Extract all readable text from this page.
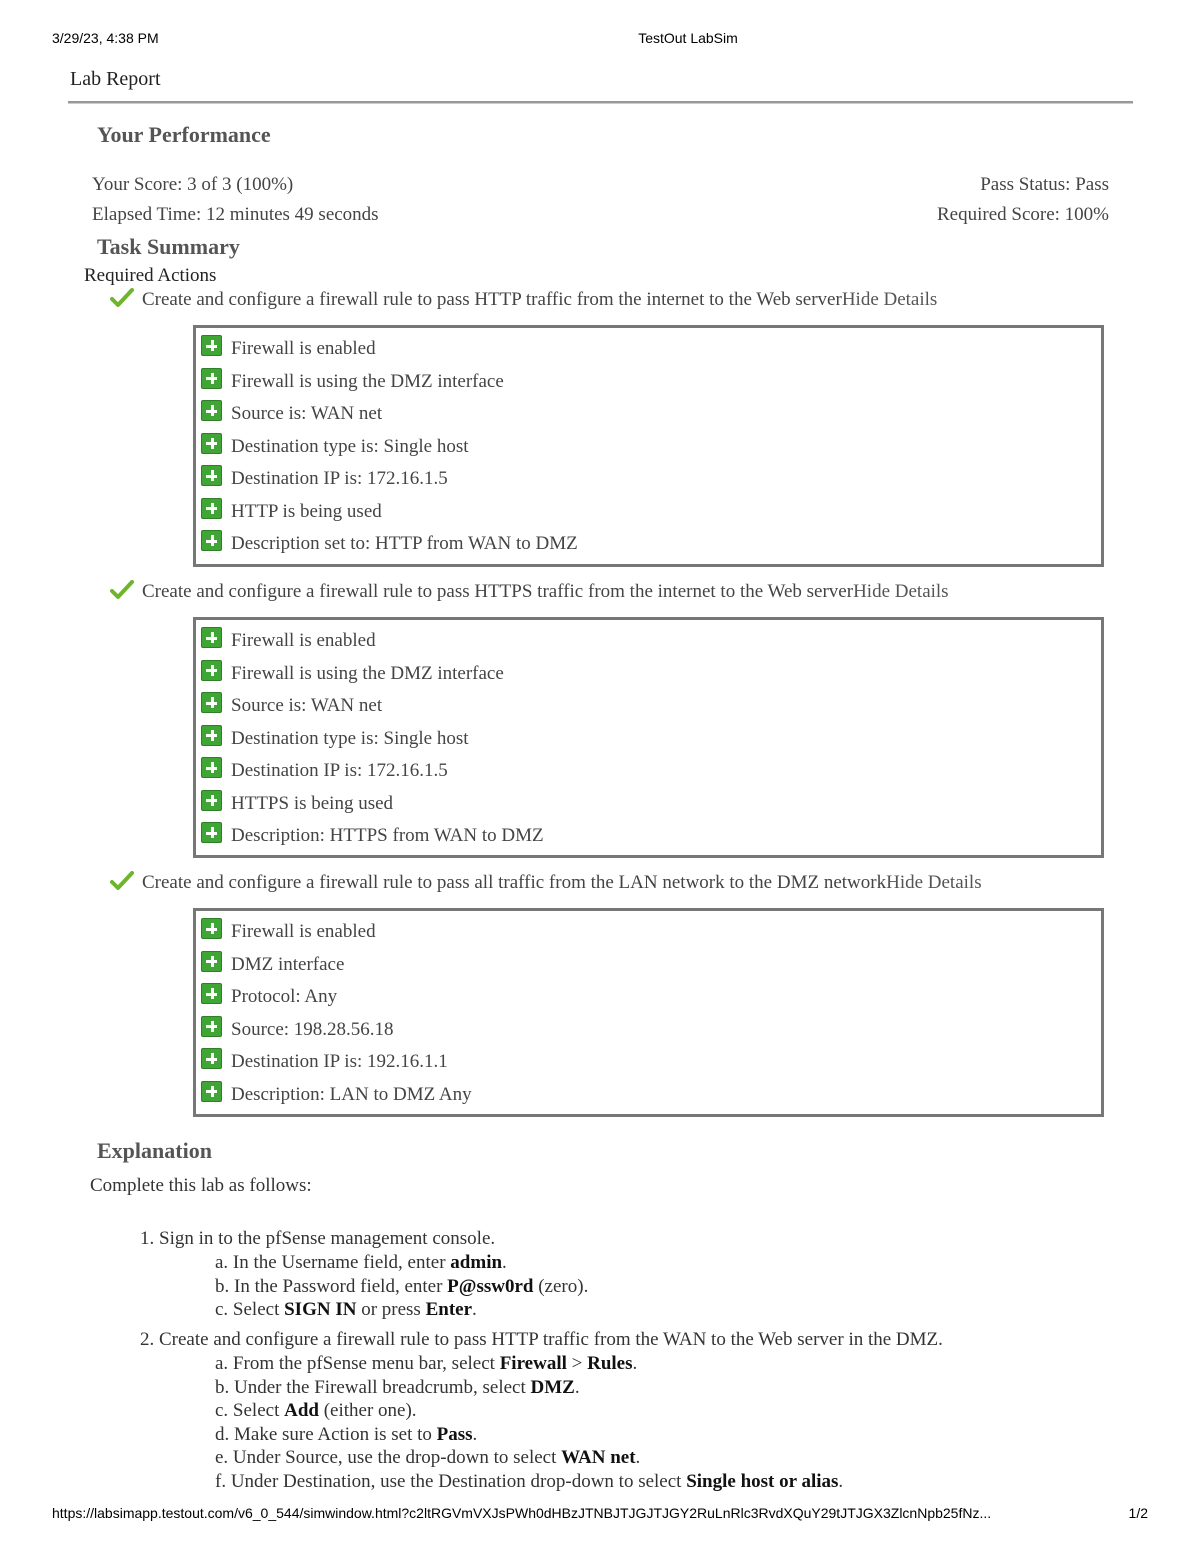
3/29/23, 4:38 PM	TestOut LabSim
Lab Report
Your Performance
Your Score: 3 of 3 (100%)	Pass Status: Pass
Elapsed Time: 12 minutes 49 seconds	Required Score: 100%
Task Summary
Required Actions
Create and configure a firewall rule to pass HTTP traffic from the internet to the Web serverHide Details
Firewall is enabled
Firewall is using the DMZ interface
Source is: WAN net
Destination type is: Single host
Destination IP is: 172.16.1.5
HTTP is being used
Description set to: HTTP from WAN to DMZ
Create and configure a firewall rule to pass HTTPS traffic from the internet to the Web serverHide Details
Firewall is enabled
Firewall is using the DMZ interface
Source is: WAN net
Destination type is: Single host
Destination IP is: 172.16.1.5
HTTPS is being used
Description: HTTPS from WAN to DMZ
Create and configure a firewall rule to pass all traffic from the LAN network to the DMZ networkHide Details
Firewall is enabled
DMZ interface
Protocol: Any
Source: 198.28.56.18
Destination IP is: 192.16.1.1
Description: LAN to DMZ Any
Explanation
Complete this lab as follows:
1. Sign in to the pfSense management console.
a. In the Username field, enter admin.
b. In the Password field, enter P@ssw0rd (zero).
c. Select SIGN IN or press Enter.
2. Create and configure a firewall rule to pass HTTP traffic from the WAN to the Web server in the DMZ.
a. From the pfSense menu bar, select Firewall > Rules.
b. Under the Firewall breadcrumb, select DMZ.
c. Select Add (either one).
d. Make sure Action is set to Pass.
e. Under Source, use the drop-down to select WAN net.
f. Under Destination, use the Destination drop-down to select Single host or alias.
https://labsimapp.testout.com/v6_0_544/simwindow.html?c2ltRGVmVXJsPWh0dHBzJTNBJTJGJTJGY2RuLnRlc3RvdXQuY29tJTJGX3ZlcnNpb25fNz...	1/2
